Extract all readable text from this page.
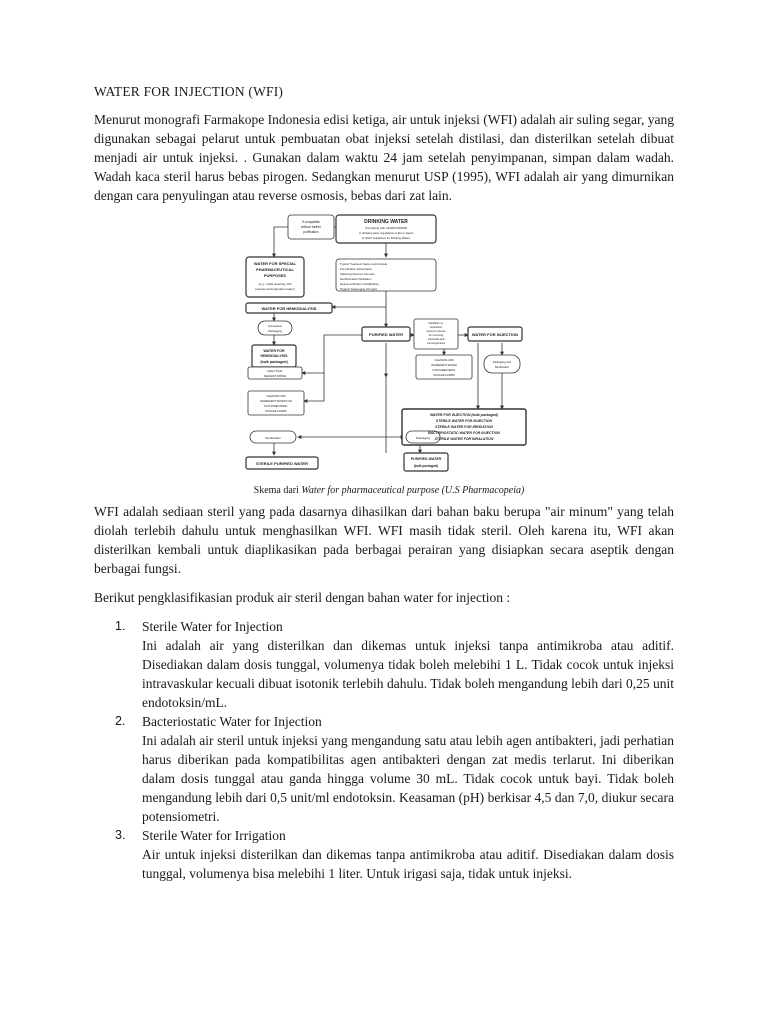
WATER FOR INJECTION (WFI)

Menurut monografi Farmakope Indonesia edisi ketiga, air untuk injeksi (WFI) adalah air suling segar, yang digunakan sebagai pelarut untuk pembuatan obat injeksi setelah distilasi, dan disterilkan setelah dibuat menjadi air untuk injeksi. . Gunakan dalam waktu 24 jam setelah penyimpanan, simpan dalam wadah. Wadah kaca steril harus bebas pirogen. Sedangkan menurut USP (1995), WFI adalah air yang dimurnikan dengan cara penyulingan atau reverse osmosis, bebas dari zat lain.

If compatible without further purification
DRINKING WATER (Complying with US EPA NPDWR or drinking water regulations of EU or Japan or WHO Guidelines for Drinking Water)
WATER FOR SPECIAL PHARMACEUTICAL PURPOSES (e.g., initial cleaning, API process and ingredient water)
Typical Treatment Steps could include: Pre-Filtration Deionization Softening Reverse Osmosis Dechlorination Distillation Deammonification Ultrafiltration Organic Scavenging UV Light
WATER FOR HEMODIALYSIS
Unreactive Packaging
PURIFIED WATER
Distillation or equivalent superior process for removing chemicals and microorganisms
WATER FOR INJECTION
WATER FOR HEMODIALYSIS (bulk packaged)	Packaging and Sterilization
ANALYTICAL REAGENT WATER
CLEANING AND INGREDIENT WATER FOR NON-PARENTERAL DOSAGE FORMS
CLEANING AND INGREDIENT WATER FOR PARENTERAL DOSAGE FORMS
WATER FOR INJECTION (bulk packaged) STERILE WATER FOR INJECTION STERILE WATER FOR IRRIGATION BACTERIOSTATIC WATER FOR INJECTION STERILE WATER FOR INHALATION
Sterilization	Packaging
STERILE PURIFIED WATER
PURIFIED WATER (bulk packaged)
Skema dari Water for pharmaceutical purpose (U.S Pharmacopeia)

WFI adalah sediaan steril yang pada dasarnya dihasilkan dari bahan baku berupa "air minum" yang telah diolah terlebih dahulu untuk menghasilkan WFI. WFI masih tidak steril. Oleh karena itu, WFI akan disterilkan kembali untuk diaplikasikan pada berbagai perairan yang disiapkan secara aseptik dengan berbagai fungsi.

Berikut pengklasifikasian produk air steril dengan bahan water for injection :

1. Sterile Water for Injection
Ini adalah air yang disterilkan dan dikemas untuk injeksi tanpa antimikroba atau aditif. Disediakan dalam dosis tunggal, volumenya tidak boleh melebihi 1 L. Tidak cocok untuk injeksi intravaskular kecuali dibuat isotonik terlebih dahulu. Tidak boleh mengandung lebih dari 0,25 unit endotoksin/mL.
2. Bacteriostatic Water for Injection
Ini adalah air steril untuk injeksi yang mengandung satu atau lebih agen antibakteri, jadi perhatian harus diberikan pada kompatibilitas agen antibakteri dengan zat medis terlarut. Ini diberikan dalam dosis tunggal atau ganda hingga volume 30 mL. Tidak cocok untuk bayi. Tidak boleh mengandung lebih dari 0,5 unit/ml endotoksin. Keasaman (pH) berkisar 4,5 dan 7,0, diukur secara potensiometri.
3. Sterile Water for Irrigation
Air untuk injeksi disterilkan dan dikemas tanpa antimikroba atau aditif. Disediakan dalam dosis tunggal, volumenya bisa melebihi 1 liter. Untuk irigasi saja, tidak untuk injeksi.
